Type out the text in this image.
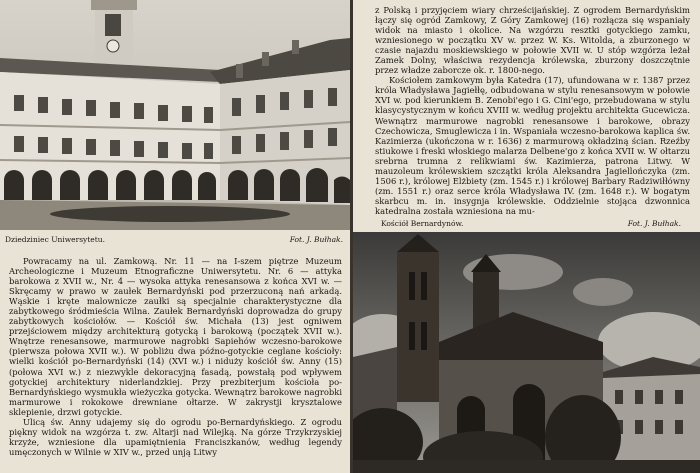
Dziedziniec Uniwersytetu.	Fot. J. Bułhak.

Powracamy na ul. Zamkową. Nr. 11 — na I-szem piętrze Muzeum Archeologiczne i Muzeum Etnograficzne Uniwersytetu. Nr. 6 — attyka barokowa z XVII w., Nr. 4 — wysoka attyka renesansowa z końca XVI w. — Skręcamy w prawo w zaułek Bernardyński pod przerzuconą nań arkadą. Wąskie i kręte malownicze zaułki są specjalnie charakterystyczne dla zabytkowego śródmieścia Wilna. Zaułek Bernardyński doprowadza do grupy zabytkowych kościołów. — Kościół św. Michała (13) jest ogniwem przejściowem między architekturą gotycką i barokową (początek XVII w.). Wnętrze renesansowe, marmurowe nagrobki Sapiehów wczesno-barokowe (pierwsza połowa XVII w.). W pobliżu dwa późno-gotyckie ceglane kościoły: wielki kościół po-Bernardyński (14) (XVI w.) i niduży kościół św. Anny (15) (połowa XVI w.) z niezwykle dekoracyjną fasadą, powstałą pod wpływem gotyckiej architektury niderlandzkiej. Przy prezbiterjum kościoła po-Bernardyńskiego wysmukła wieżyczka gotycka. Wewnątrz barokowe nagrobki marmurowe i rokokowe drewniane ołtarze. W zakrystji krysztalowe sklepienie, drzwi gotyckie.

Ulicą św. Anny udajemy się do ogrodu po-Bernardyńskiego. Z ogrodu piękny widok na wzgórza t. zw. Altarji nad Wilejką. Na górze Trzykrzyskiej krzyże, wzniesione dla upamiętnienia Franciszkanów, według legendy umęczonych w Wilnie w XIV w., przed unją Litwy

z Polską i przyjęciem wiary chrześcijańskiej. Z ogrodem Bernardyńskim łączy się ogród Zamkowy, Z Góry Zamkowej (16) rozłącza się wspaniały widok na miasto i okolice. Na wzgórzu resztki gotyckiego zamku, wzniesionego w początku XV w. przez W. Ks. Witolda, a zburzonego w czasie najazdu moskiewskiego w połowie XVII w. U stóp wzgórza leżał Zamek Dolny, właściwa rezydencja królewska, zburzony doszczętnie przez władze zaborcze ok. r. 1800-nego.

Kościołem zamkowym była Katedra (17), ufundowana w r. 1387 przez króla Władysława Jagiełłę, odbudowana w stylu renesansowym w połowie XVI w. pod kierunkiem B. Zenobi'ego i G. Cini'ego, przebudowana w stylu klasycystycznym w końcu XVIII w. według projektu architekta Gucewicza. Wewnątrz marmurowe nagrobki renesansowe i barokowe, obrazy Czechowicza, Smuglewicza i in. Wspaniała wczesno-barokowa kaplica św. Kazimierza (ukończona w r. 1636) z marmurową okładziną ścian. Rzeźby stiukowe i freski włoskiego malarza Delbene'go z końca XVII w. W ołtarzu srebrna trumna z relikwiami św. Kazimierza, patrona Litwy. W mauzoleum królewskiem szczątki króla Aleksandra Jagiellończyka (zm. 1506 r.), królowej Elżbiety (zm. 1545 r.) i królowej Barbary Radziwiłłówny (zm. 1551 r.) oraz serce króla Władysława IV. (zm. 1648 r.). W bogatym skarbcu m. in. insygnja królewskie. Oddzielnie stojąca dzwonnica katedralna została wzniesiona na mu-

Kościół Bernardynów.	Fot. J. Bułhak.
